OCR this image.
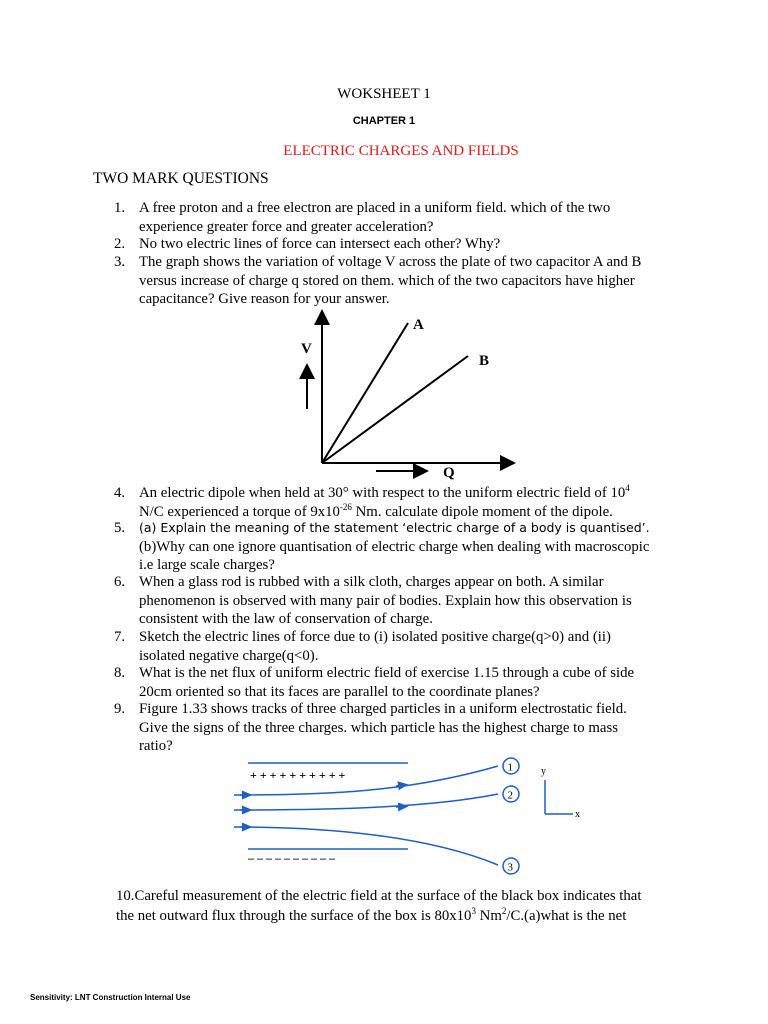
WOKSHEET 1
CHAPTER 1
ELECTRIC CHARGES AND FIELDS
TWO MARK QUESTIONS
1. A free proton and a free electron are placed in a uniform field. which of the two
experience greater force and greater acceleration?
2. No two electric lines of force can intersect each other? Why?
3. The graph shows the variation of voltage V across the plate of two capacitor A and B
versus increase of charge q stored on them. which of the two capacitors have higher
capacitance? Give reason for your answer.
V
Q
A
B
4. An electric dipole when held at 30° with respect to the uniform electric field of $10^4$
N/C experienced a torque of $9x10^{-26}$ Nm. calculate dipole moment of the dipole.
5. (a) Explain the meaning of the statement ‘electric charge of a body is quantised’.
(b)Why can one ignore quantisation of electric charge when dealing with macroscopic
i.e large scale charges?
6. When a glass rod is rubbed with a silk cloth, charges appear on both. A similar
phenomenon is observed with many pair of bodies. Explain how this observation is
consistent with the law of conservation of charge.
7. Sketch the electric lines of force due to (i) isolated positive charge(q>0) and (ii)
isolated negative charge(q<0).
8. What is the net flux of uniform electric field of exercise 1.15 through a cube of side
20cm oriented so that its faces are parallel to the coordinate planes?
9. Figure 1.33 shows tracks of three charged particles in a uniform electrostatic field.
Give the signs of the three charges. which particle has the highest charge to mass
ratio?
+ + + + + + + + + +
– – – – – – – – – –
1
2
3
y
x
10.Careful measurement of the electric field at the surface of the black box indicates that
the net outward flux through the surface of the box is $80x10^3$ Nm$^2$/C.(a)what is the net
Sensitivity: LNT Construction Internal Use
